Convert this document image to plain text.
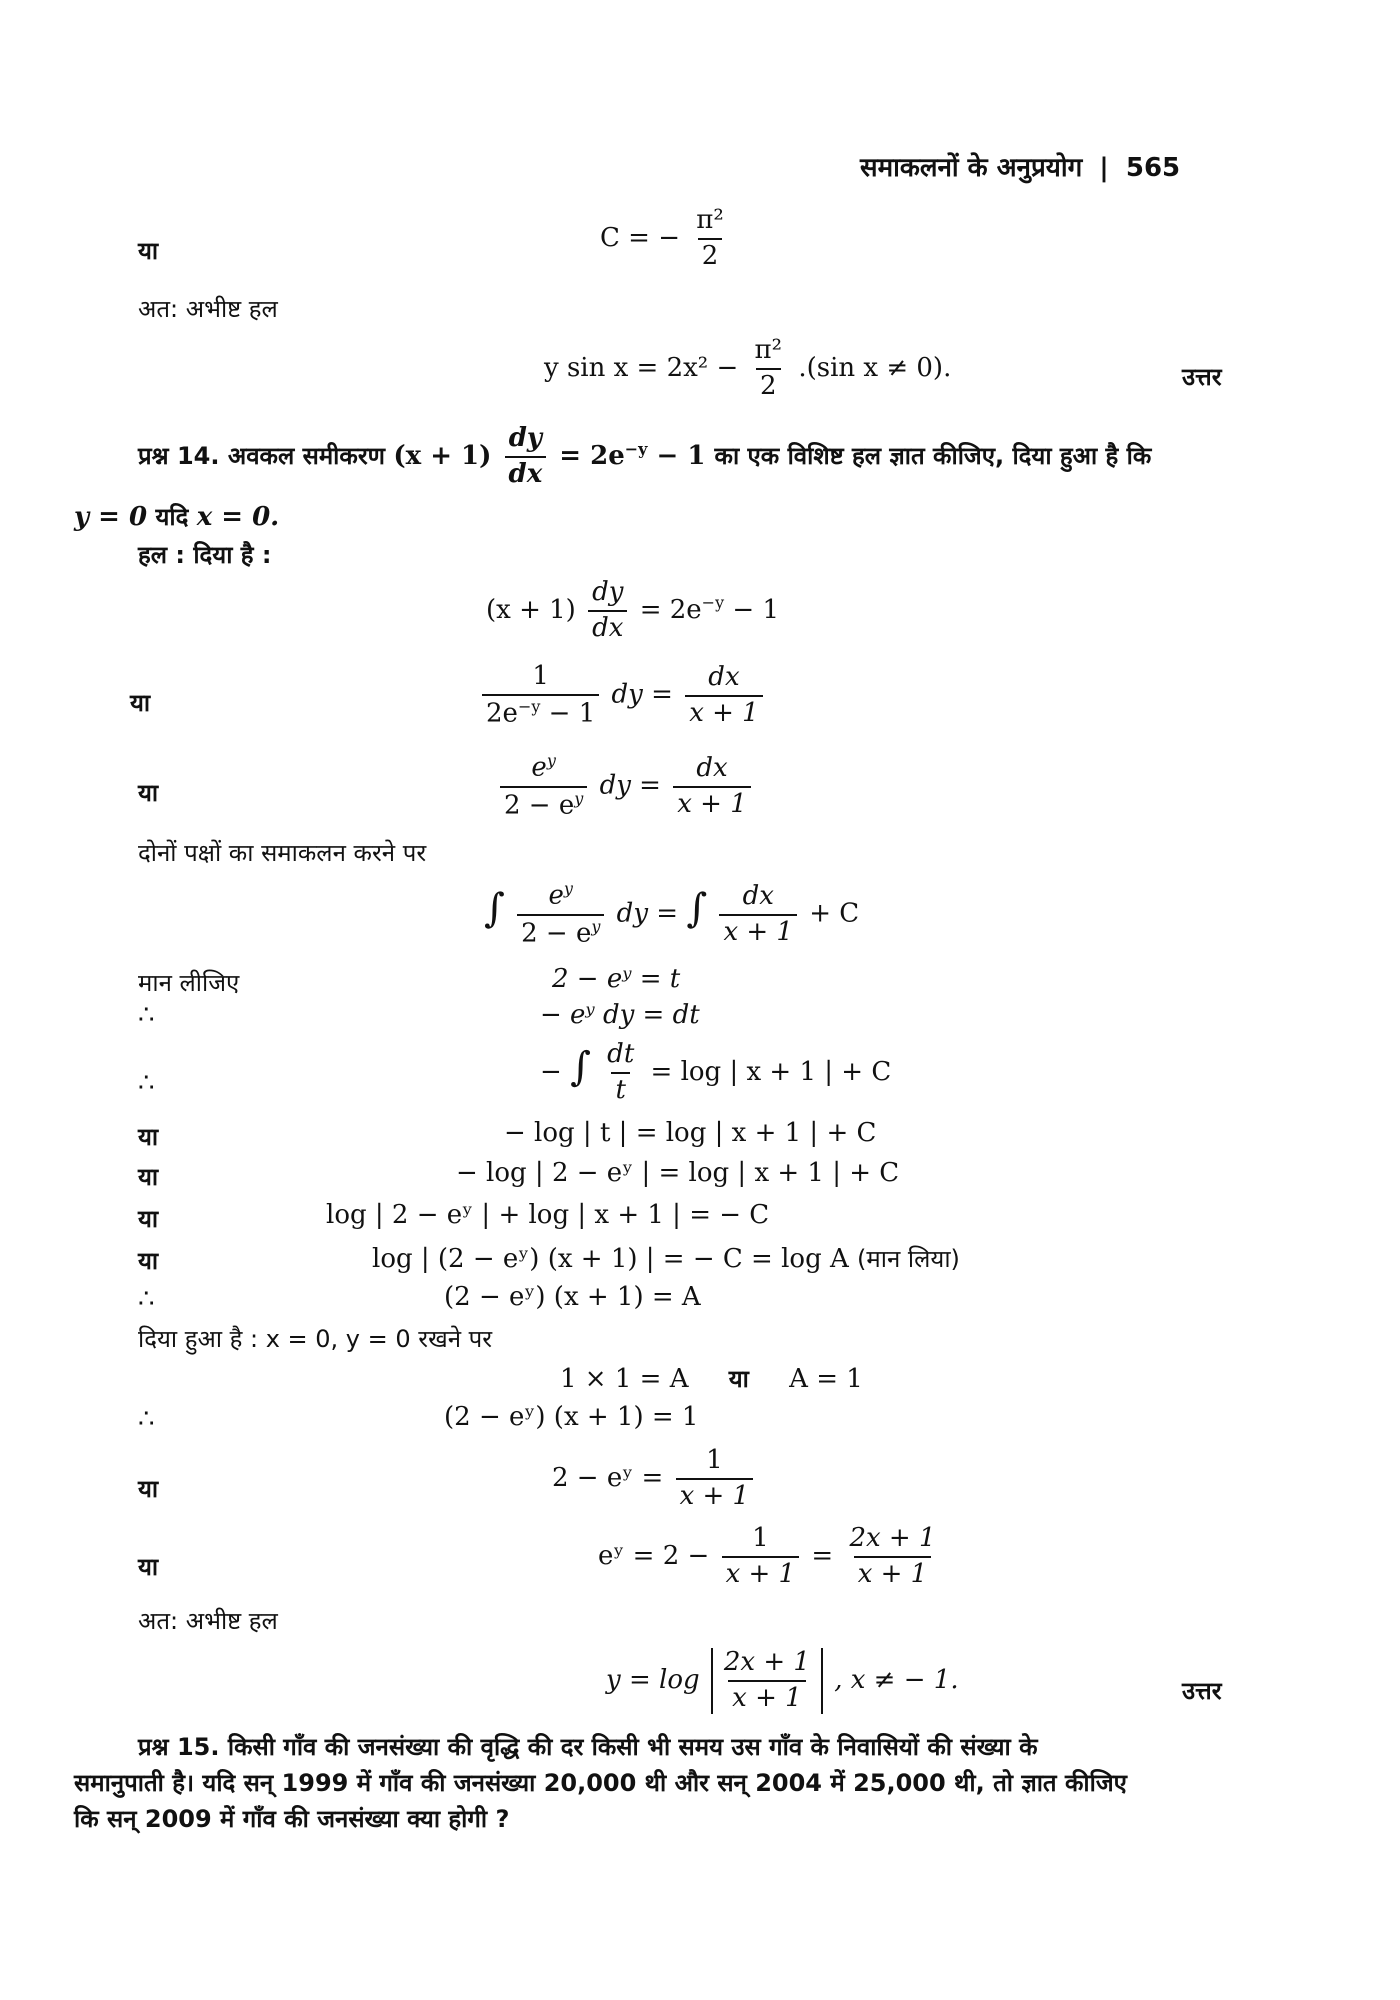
समाकलनों के अनुप्रयोग | 565
या	C = − $\frac{\text{π²}}{2}$
अत: अभीष्ट हल
y $\sin x = 2x^2 - \frac{\text{π²}}{2} .(\sin$ x ≠ 0).	उत्तर
प्रश्न 14. अवकल समीकरण $(x + 1) \frac{dy}{dx} = 2e^{-y} - 1$ का एक विशिष्ट हल ज्ञात कीजिए, दिया हुआ है कि
y = 0 यदि x = 0.
हल : दिया है :
$(x + 1) \frac{dy}{dx} = 2e^{-y} - 1$
या	$\frac{1}{2e^{-y} - 1}$ dy = $\frac{dx}{x + 1}$
या	$\frac{e^y}{2 - e^y}$ dy = $\frac{dx}{x + 1}$
दोनों पक्षों का समाकलन करने पर
∫ $\frac{e^y}{2 - e^y}$ dy = ∫ $\frac{dx}{x + 1} + C$
मान लीजिए	2 − eʸ = t
∴	− eʸ dy = dt
∴	− ∫ $\frac{dt}{t} = \log$ | x + 1 | + C
या	− log | t | = log | x + 1 | + C
या	− log | 2 − eʸ | = log | x + 1 | + C
या	log | 2 − eʸ | + log | x + 1 | = − C
या	log | (2 − eʸ) (x + 1) | = − C = log A (मान लिया)
∴	(2 − eʸ) (x + 1) = A
दिया हुआ है : x = 0, y = 0 रखने पर
1 × 1 = A या A = 1
∴	(2 − eʸ) (x + 1) = 1
या	2 − eʸ = $\frac{1}{x + 1}$
या	eʸ = $2 - \frac{1}{x + 1} = \frac{2x + 1}{x + 1}$
अत: अभीष्ट हल
$y = \log \frac{2x + 1}{x + 1}$ , x ≠ − 1.	उत्तर
प्रश्न 15. किसी गाँव की जनसंख्या की वृद्धि की दर किसी भी समय उस गाँव के निवासियों की संख्या के
समानुपाती है। यदि सन् 1999 में गाँव की जनसंख्या 20,000 थी और सन् 2004 में 25,000 थी, तो ज्ञात कीजिए
कि सन् 2009 में गाँव की जनसंख्या क्या होगी ?
